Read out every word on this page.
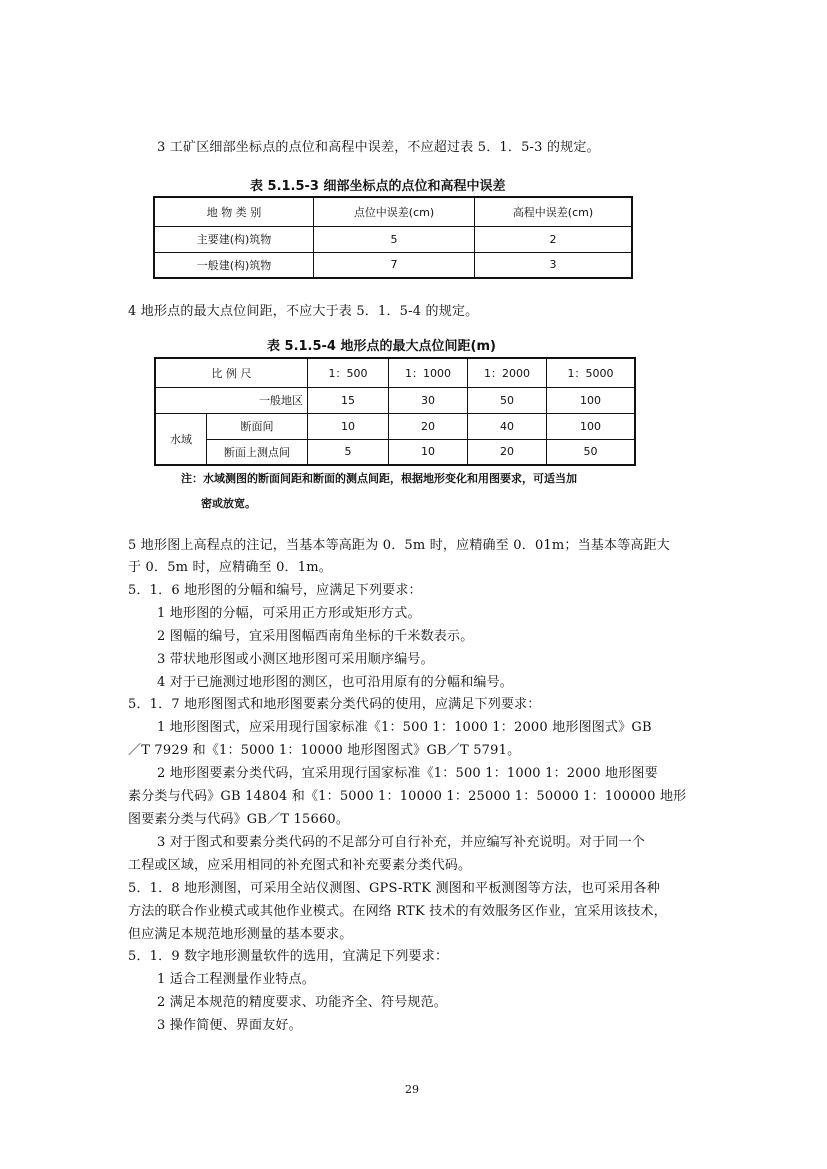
3 工矿区细部坐标点的点位和高程中误差，不应超过表 5．1．5-3 的规定。
表 5.1.5-3 细部坐标点的点位和高程中误差
地 物 类 别	点位中误差(cm)	高程中误差(cm)
主要建(构)筑物	5	2
一般建(构)筑物	7	3
4 地形点的最大点位间距，不应大于表 5．1．5-4 的规定。
表 5.1.5-4 地形点的最大点位间距(m)
比 例 尺		1：500	1：1000	1：2000	1：5000
一般地区		15	30	50	100
水域	断面间	10	20	40	100
	断面上测点间	5	10	20	50
注：水域测图的断面间距和断面的测点间距，根据地形变化和用图要求，可适当加
密或放宽。
5 地形图上高程点的注记，当基本等高距为 0．5m 时，应精确至 0．01m；当基本等高距大
于 0．5m 时，应精确至 0．1m。
5．1．6 地形图的分幅和编号，应满足下列要求：
1 地形图的分幅，可采用正方形或矩形方式。
2 图幅的编号，宜采用图幅西南角坐标的千米数表示。
3 带状地形图或小测区地形图可采用顺序编号。
4 对于已施测过地形图的测区，也可沿用原有的分幅和编号。
5．1．7 地形图图式和地形图要素分类代码的使用，应满足下列要求：
1 地形图图式，应采用现行国家标准《1：500 1：1000 1：2000 地形图图式》GB
／T 7929 和《1：5000 1：10000 地形图图式》GB／T 5791。
2 地形图要素分类代码，宜采用现行国家标准《1：500 1：1000 1：2000 地形图要
素分类与代码》GB 14804 和《1：5000 1：10000 1：25000 1：50000 1：100000 地形
图要素分类与代码》GB／T 15660。
3 对于图式和要素分类代码的不足部分可自行补充，并应编写补充说明。对于同一个
工程或区域，应采用相同的补充图式和补充要素分类代码。
5．1．8 地形测图，可采用全站仪测图、GPS-RTK 测图和平板测图等方法，也可采用各种
方法的联合作业模式或其他作业模式。在网络 RTK 技术的有效服务区作业，宜采用该技术，
但应满足本规范地形测量的基本要求。
5．1．9 数字地形测量软件的选用，宜满足下列要求：
1 适合工程测量作业特点。
2 满足本规范的精度要求、功能齐全、符号规范。
3 操作简便、界面友好。
29
